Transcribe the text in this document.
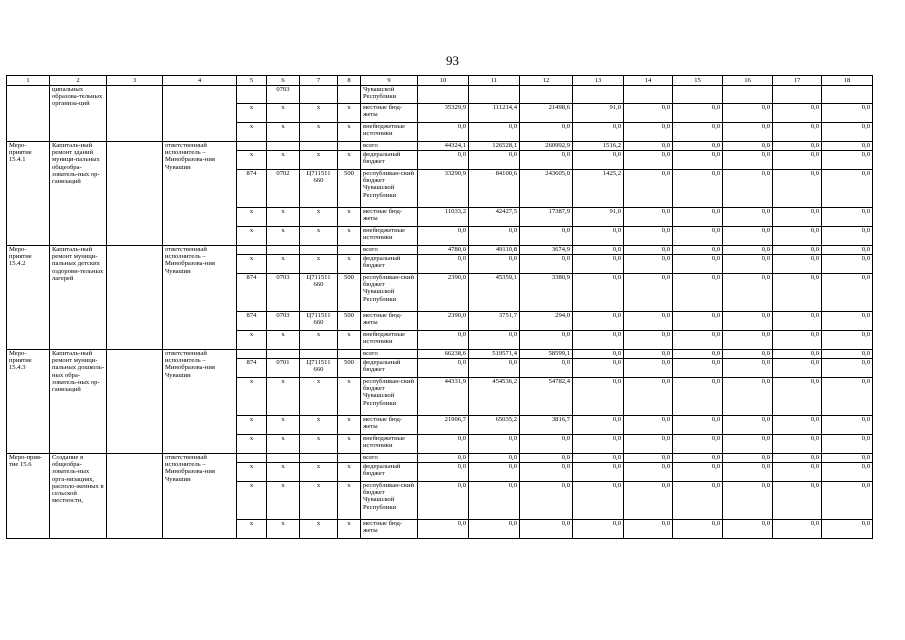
93
1	2	3	4	5	6	7	8	9	10	11	12	13	14	15	16	17	18
	ципальных образова-тельных организа-ций				0703			Чувашской Республики									
				x	x	x	x	местные бюд-жеты	35329,9	111214,4	21498,6	91,0	0,0	0,0	0,0	0,0	0,0
				x	x	x	x	внебюджетные источники	0,0	0,0	0,0	0,0	0,0	0,0	0,0	0,0	0,0
Меро-приятие 15.4.1	Капиталь-ный ремонт зданий муници-пальных общеобра-зователь-ных ор-ганизаций		ответственный исполнитель – Минобразова-ния Чувашии					всего	44324,1	126528,1	260992,9	1516,2	0,0	0,0	0,0	0,0	0,0
				x	x	x	x	федеральный бюджет	0,0	0,0	0,0	0,0	0,0	0,0	0,0	0,0	0,0
				874	0702	Ц711511 660	500	республикан-ский бюджет Чувашской Республики	33290,9	84100,6	243605,0	1425,2	0,0	0,0	0,0	0,0	0,0
				x	x	x	x	местные бюд-жеты	11033,2	42427,5	17387,9	91,0	0,0	0,0	0,0	0,0	0,0
				x	x	x	x	внебюджетные источники	0,0	0,0	0,0	0,0	0,0	0,0	0,0	0,0	0,0
Меро-приятие 15.4.2	Капиталь-ный ремонт муници-пальных детских оздорови-тельных лагерей		ответственный исполнитель – Минобразова-ния Чувашии					всего	4780,0	49110,8	3674,9	0,0	0,0	0,0	0,0	0,0	0,0
				x	x	x	x	федеральный бюджет	0,0	0,0	0,0	0,0	0,0	0,0	0,0	0,0	0,0
				874	0703	Ц711511 660	500	республикан-ский бюджет Чувашской Республики	2390,0	45359,1	3380,9	0,0	0,0	0,0	0,0	0,0	0,0
				874	0703	Ц711511 660	500	местные бюд-жеты	2390,0	3751,7	294,0	0,0	0,0	0,0	0,0	0,0	0,0
				x	x	x	x	внебюджетные источники	0,0	0,0	0,0	0,0	0,0	0,0	0,0	0,0	0,0
Меро-приятие 15.4.3	Капиталь-ный ремонт муници-пальных дошколь-ных обра-зователь-ных ор-ганизаций		ответственный исполнитель – Минобразова-ния Чувашии					всего	66238,6	519571,4	58599,1	0,0	0,0	0,0	0,0	0,0	0,0
				874	0701	Ц711511 660	500	федеральный бюджет	0,0	0,0	0,0	0,0	0,0	0,0	0,0	0,0	0,0
				x	x	x	x	республикан-ский бюджет Чувашской Республики	44331,9	454536,2	54782,4	0,0	0,0	0,0	0,0	0,0	0,0
				x	x	x	x	местные бюд-жеты	21906,7	65035,2	3816,7	0,0	0,0	0,0	0,0	0,0	0,0
				x	x	x	x	внебюджетные источники	0,0	0,0	0,0	0,0	0,0	0,0	0,0	0,0	0,0
Меро-прия-тие 15.6	Создание в общеобра-зователь-ных орга-низациях, располо-женных в сельской местности,		ответственный исполнитель – Минобразова-ния Чувашии					всего	0,0	0,0	0,0	0,0	0,0	0,0	0,0	0,0	0,0
				x	x	x	x	федеральный бюджет	0,0	0,0	0,0	0,0	0,0	0,0	0,0	0,0	0,0
				x	x	x	x	республикан-ский бюджет Чувашской Республики	0,0	0,0	0,0	0,0	0,0	0,0	0,0	0,0	0,0
				x	x	x	x	местные бюд-жеты	0,0	0,0	0,0	0,0	0,0	0,0	0,0	0,0	0,0
